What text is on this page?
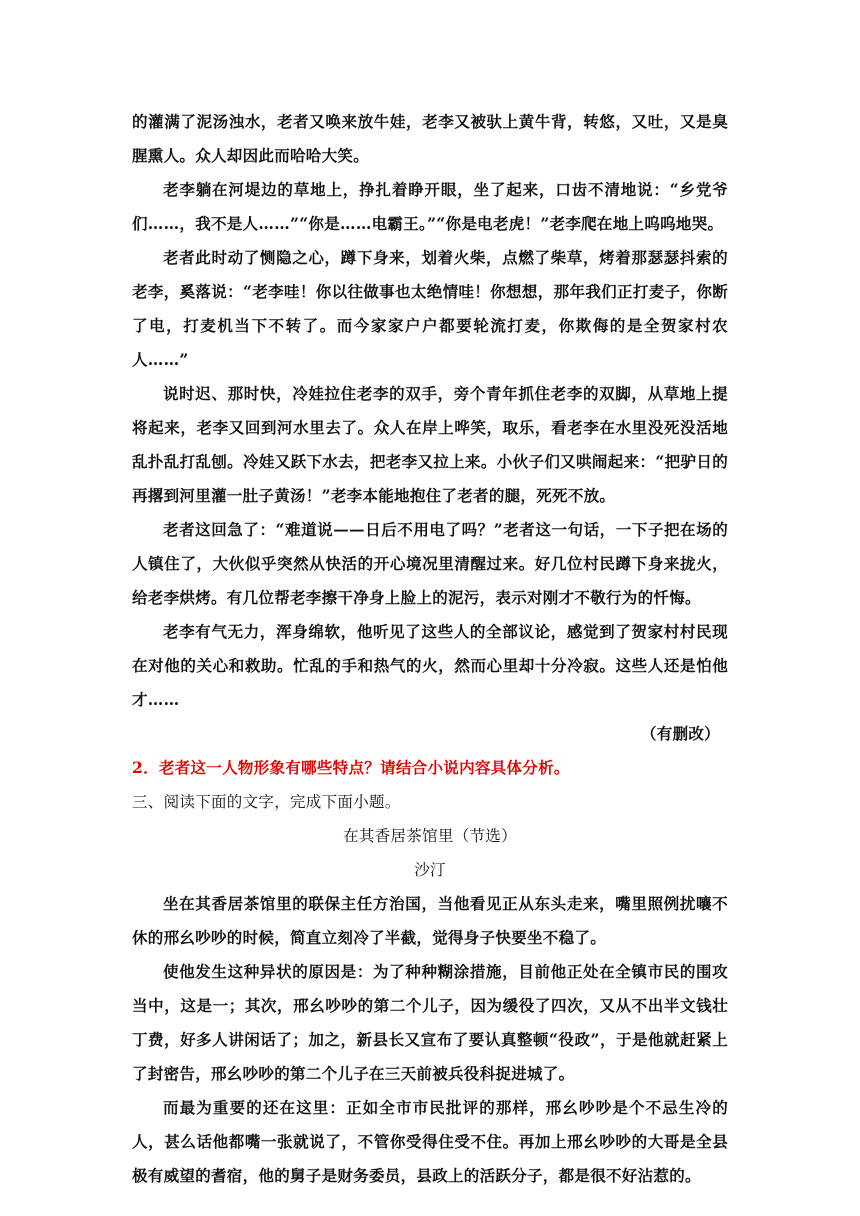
的灌满了泥汤浊水，老者又唤来放牛娃，老李又被驮上黄牛背，转悠，又吐，又是臭腥熏人。众人却因此而哈哈大笑。

老李躺在河堤边的草地上，挣扎着睁开眼，坐了起来，口齿不清地说：“乡党爷们……，我不是人……”“你是……电霸王。”“你是电老虎！”老李爬在地上呜呜地哭。

老者此时动了恻隐之心，蹲下身来，划着火柴，点燃了柴草，烤着那瑟瑟抖索的老李，奚落说：“老李哇！你以往做事也太绝情哇！你想想，那年我们正打麦子，你断了电，打麦机当下不转了。而今家家户户都要轮流打麦，你欺侮的是全贺家村农人……”

说时迟、那时快，冷娃拉住老李的双手，旁个青年抓住老李的双脚，从草地上提将起来，老李又回到河水里去了。众人在岸上哗笑，取乐，看老李在水里没死没活地乱扑乱打乱刨。冷娃又跃下水去，把老李又拉上来。小伙子们又哄闹起来：“把驴日的再撂到河里灌一肚子黄汤！”老李本能地抱住了老者的腿，死死不放。

老者这回急了：“难道说——日后不用电了吗？”老者这一句话，一下子把在场的人镇住了，大伙似乎突然从快活的开心境况里清醒过来。好几位村民蹲下身来拢火，给老李烘烤。有几位帮老李擦干净身上脸上的泥污，表示对刚才不敬行为的忏悔。

老李有气无力，浑身绵软，他听见了这些人的全部议论，感觉到了贺家村村民现在对他的关心和救助。忙乱的手和热气的火，然而心里却十分冷寂。这些人还是怕他才……

（有删改）

2．老者这一人物形象有哪些特点？请结合小说内容具体分析。

三、阅读下面的文字，完成下面小题。

在其香居茶馆里（节选）

沙汀

坐在其香居茶馆里的联保主任方治国，当他看见正从东头走来，嘴里照例扰嚷不休的邢幺吵吵的时候，简直立刻冷了半截，觉得身子快要坐不稳了。

使他发生这种异状的原因是：为了种种糊涂措施，目前他正处在全镇市民的围攻当中，这是一；其次，邢幺吵吵的第二个儿子，因为缓役了四次，又从不出半文钱壮丁费，好多人讲闲话了；加之，新县长又宣布了要认真整顿“役政”，于是他就赶紧上了封密告，邢幺吵吵的第二个儿子在三天前被兵役科捉进城了。

而最为重要的还在这里：正如全市市民批评的那样，邢幺吵吵是个不忌生冷的人，甚么话他都嘴一张就说了，不管你受得住受不住。再加上邢幺吵吵的大哥是全县极有威望的耆宿，他的舅子是财务委员，县政上的活跃分子，都是很不好沾惹的。
